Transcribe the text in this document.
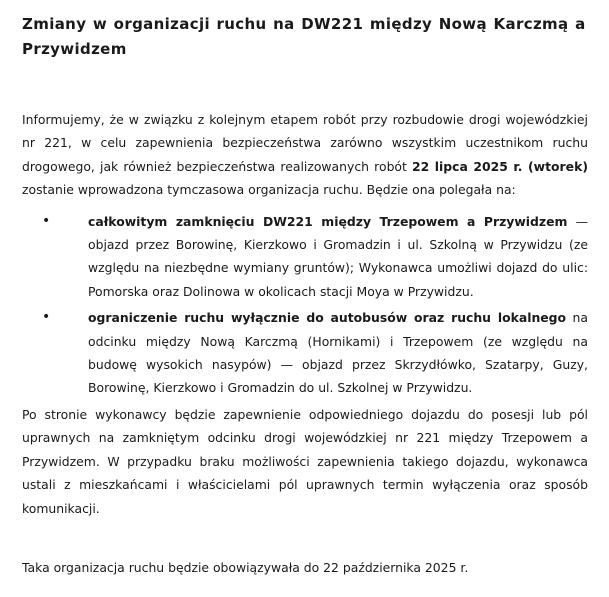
Zmiany w organizacji ruchu na DW221 między Nową Karczmą a Przywidzem

Informujemy, że w związku z kolejnym etapem robót przy rozbudowie drogi wojewódzkiej nr 221, w celu zapewnienia bezpieczeństwa zarówno wszystkim uczestnikom ruchu drogowego, jak również bezpieczeństwa realizowanych robót 22 lipca 2025 r. (wtorek) zostanie wprowadzona tymczasowa organizacja ruchu. Będzie ona polegała na:

•	całkowitym zamknięciu DW221 między Trzepowem a Przywidzem — objazd przez Borowinę, Kierzkowo i Gromadzin i ul. Szkolną w Przywidzu (ze względu na niezbędne wymiany gruntów); Wykonawca umożliwi dojazd do ulic: Pomorska oraz Dolinowa w okolicach stacji Moya w Przywidzu.
•	ograniczenie ruchu wyłącznie do autobusów oraz ruchu lokalnego na odcinku między Nową Karczmą (Hornikami) i Trzepowem (ze względu na budowę wysokich nasypów) — objazd przez Skrzydłówko, Szatarpy, Guzy, Borowinę, Kierzkowo i Gromadzin do ul. Szkolnej w Przywidzu.

Po stronie wykonawcy będzie zapewnienie odpowiedniego dojazdu do posesji lub pól uprawnych na zamkniętym odcinku drogi wojewódzkiej nr 221 między Trzepowem a Przywidzem. W przypadku braku możliwości zapewnienia takiego dojazdu, wykonawca ustali z mieszkańcami i właścicielami pól uprawnych termin wyłączenia oraz sposób komunikacji.

Taka organizacja ruchu będzie obowiązywała do 22 października 2025 r.
